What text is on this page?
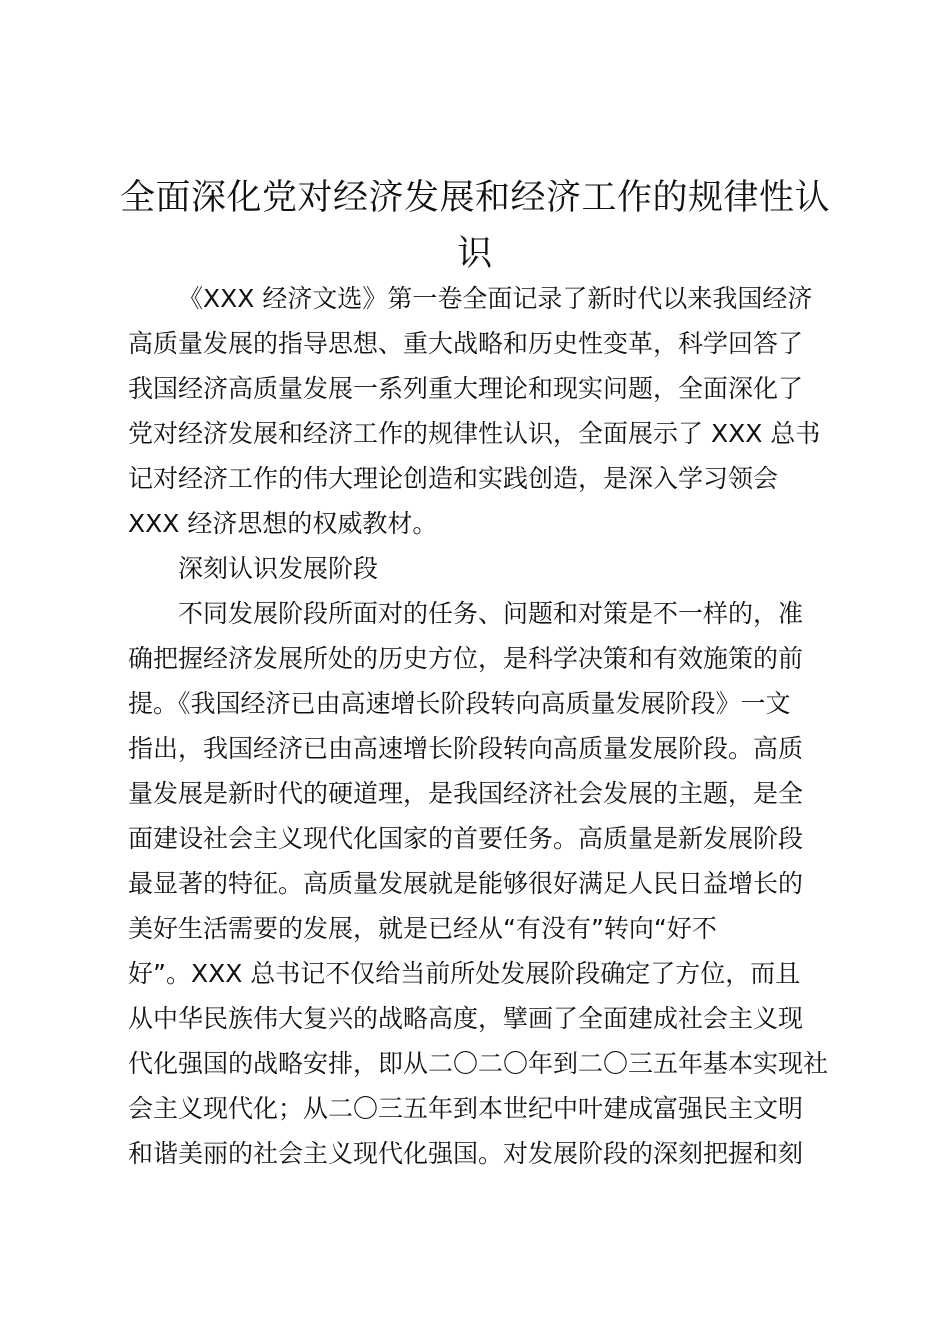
全面深化党对经济发展和经济工作的规律性认
识

《XXX 经济文选》第一卷全面记录了新时代以来我国经济
高质量发展的指导思想、重大战略和历史性变革，科学回答了
我国经济高质量发展一系列重大理论和现实问题，全面深化了
党对经济发展和经济工作的规律性认识，全面展示了 XXX 总书
记对经济工作的伟大理论创造和实践创造，是深入学习领会
XXX 经济思想的权威教材。

深刻认识发展阶段

不同发展阶段所面对的任务、问题和对策是不一样的，准
确把握经济发展所处的历史方位，是科学决策和有效施策的前
提。《我国经济已由高速增长阶段转向高质量发展阶段》一文
指出，我国经济已由高速增长阶段转向高质量发展阶段。高质
量发展是新时代的硬道理，是我国经济社会发展的主题，是全
面建设社会主义现代化国家的首要任务。高质量是新发展阶段
最显著的特征。高质量发展就是能够很好满足人民日益增长的
美好生活需要的发展，就是已经从“有没有”转向“好不
好”。XXX 总书记不仅给当前所处发展阶段确定了方位，而且
从中华民族伟大复兴的战略高度，擘画了全面建成社会主义现
代化强国的战略安排，即从二〇二〇年到二〇三五年基本实现社
会主义现代化；从二〇三五年到本世纪中叶建成富强民主文明
和谐美丽的社会主义现代化强国。对发展阶段的深刻把握和刻
